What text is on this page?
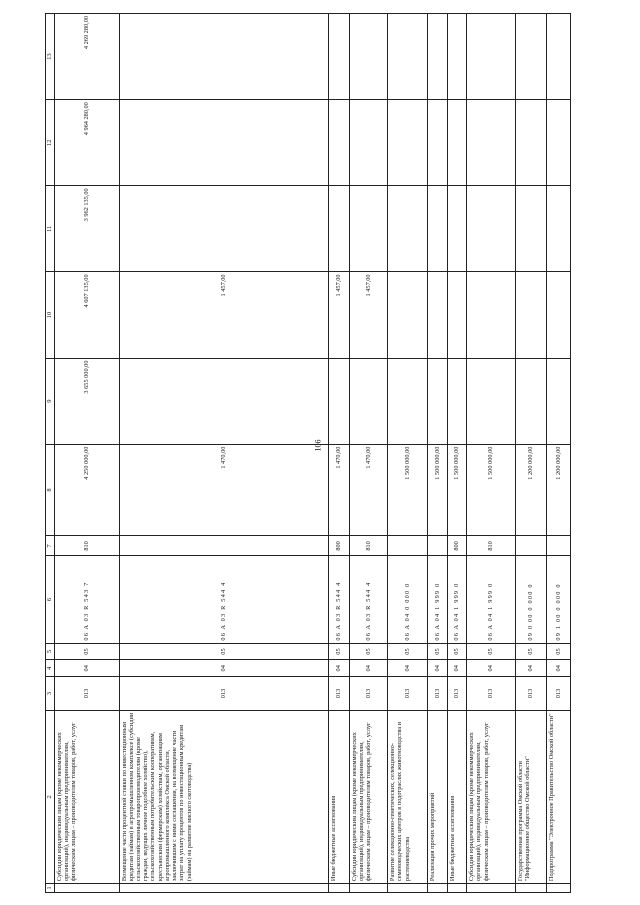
106
1	2	3	4	5	6	7	8	9	10	11	12	13
	Субсидии юридическим лицам (кроме некоммерческих организаций), индивидуальным предпринимателям, физическим лицам – производителям товаров, работ, услуг	013	04	05	06 A 03 R 543 7	810	4 250 000,00	3 655 000,00	4 607 135,00	3 962 135,00	4 964 280,00	4 269 280,00
	Возмещение части процентной ставки по инвестиционным кредитам (займам) в агропромышленном комплексе (субсидии сельскохозяйственным товаропроизводителям (кроме граждан, ведущих личное подсобное хозяйство), сельскохозяйственным потребительским кооперативам, крестьянским (фермерским) хозяйствам, организациям агропромышленного комплекса Омской области, заключившим с ними соглашения, на возмещение части затрат на уплату процентов по инвестиционным кредитам (займам) на развитие мясного скотоводства)	013	04	05	06 A 03 R 544 4		1 470,00		1 457,00			
	Иные бюджетные ассигнования	013	04	05	06 A 03 R 544 4	800	1 470,00		1 457,00			
	Субсидии юридическим лицам (кроме некоммерческих организаций), индивидуальным предпринимателям, физическим лицам – производителям товаров, работ, услуг	013	04	05	06 A 03 R 544 4	810	1 470,00		1 457,00			
	Развитие селекционно-генетических, селекционно-семеноводческих центров в подотраслях животноводства и растениеводства	013	04	05	06 A 04 0 000 0		1 500 000,00					
	Реализация прочих мероприятий	013	04	05	06 A 04 1 999 0		1 500 000,00					
	Иные бюджетные ассигнования	013	04	05	06 A 04 1 999 0	800	1 500 000,00					
	Субсидии юридическим лицам (кроме некоммерческих организаций), индивидуальным предпринимателям, физическим лицам – производителям товаров, работ, услуг	013	04	05	06 A 04 1 999 0	810	1 500 000,00					
	Государственная программа Омской области "Информационное общество Омской области"	013	04	05	09 0 00 0 000 0		1 200 000,00					
	Подпрограмма "Электронное Правительство Омской области"	013	04	05	09 1 00 0 000 0		1 200 000,00					
